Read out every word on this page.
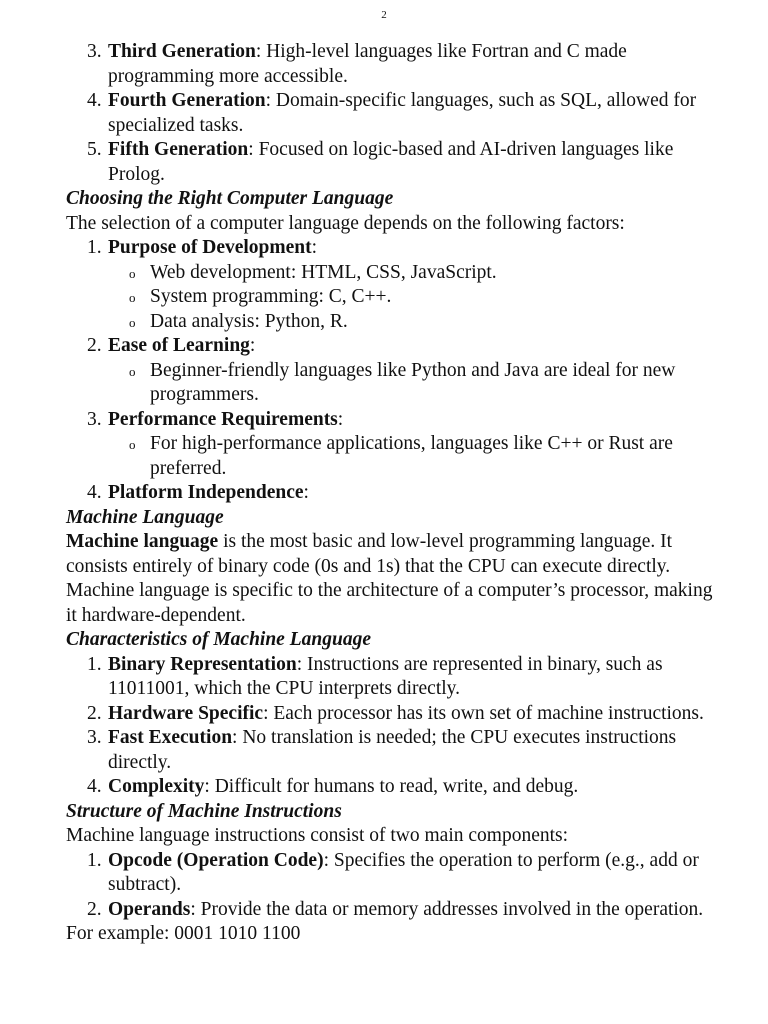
2
3. Third Generation: High-level languages like Fortran and C made programming more accessible.
4. Fourth Generation: Domain-specific languages, such as SQL, allowed for specialized tasks.
5. Fifth Generation: Focused on logic-based and AI-driven languages like Prolog.

Choosing the Right Computer Language

The selection of a computer language depends on the following factors:

1. Purpose of Development:
o Web development: HTML, CSS, JavaScript.
o System programming: C, C++.
o Data analysis: Python, R.
2. Ease of Learning:
o Beginner-friendly languages like Python and Java are ideal for new programmers.
3. Performance Requirements:
o For high-performance applications, languages like C++ or Rust are preferred.
4. Platform Independence:

Machine Language

Machine language is the most basic and low-level programming language. It consists entirely of binary code (0s and 1s) that the CPU can execute directly. Machine language is specific to the architecture of a computer’s processor, making it hardware-dependent.

Characteristics of Machine Language

1. Binary Representation: Instructions are represented in binary, such as 11011001, which the CPU interprets directly.
2. Hardware Specific: Each processor has its own set of machine instructions.
3. Fast Execution: No translation is needed; the CPU executes instructions directly.
4. Complexity: Difficult for humans to read, write, and debug.

Structure of Machine Instructions

Machine language instructions consist of two main components:

1. Opcode (Operation Code): Specifies the operation to perform (e.g., add or subtract).
2. Operands: Provide the data or memory addresses involved in the operation.

For example: 0001 1010 1100
